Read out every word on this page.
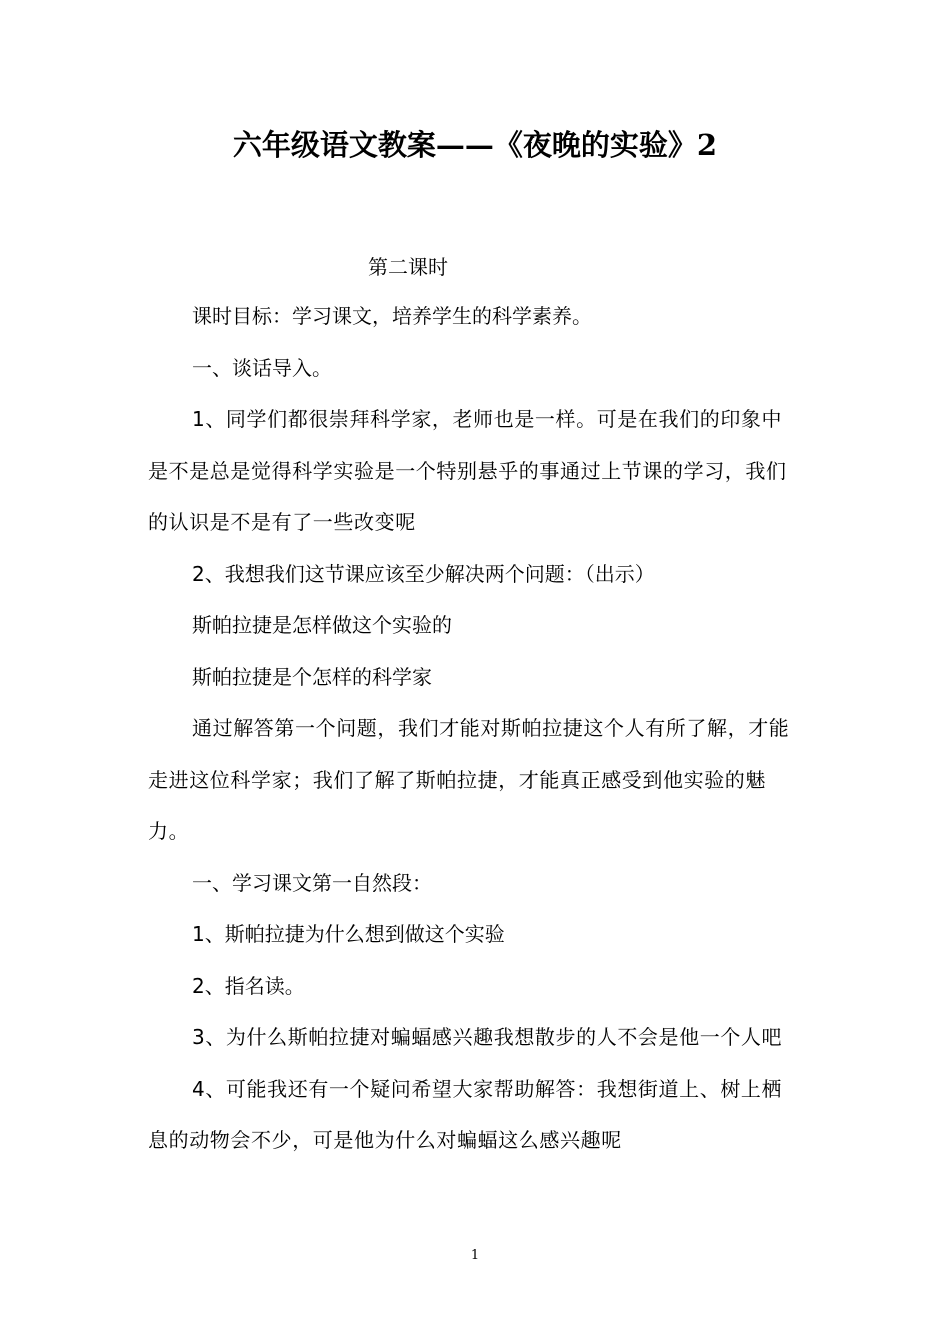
六年级语文教案——《夜晚的实验》2
第二课时

课时目标：学习课文，培养学生的科学素养。

一、谈话导入。

1、同学们都很崇拜科学家，老师也是一样。可是在我们的印象中是不是总是觉得科学实验是一个特别悬乎的事通过上节课的学习，我们的认识是不是有了一些改变呢

2、我想我们这节课应该至少解决两个问题：（出示）

斯帕拉捷是怎样做这个实验的

斯帕拉捷是个怎样的科学家

通过解答第一个问题，我们才能对斯帕拉捷这个人有所了解，才能走进这位科学家；我们了解了斯帕拉捷，才能真正感受到他实验的魅力。

一、学习课文第一自然段：

1、斯帕拉捷为什么想到做这个实验

2、指名读。

3、为什么斯帕拉捷对蝙蝠感兴趣我想散步的人不会是他一个人吧

4、可能我还有一个疑问希望大家帮助解答：我想街道上、树上栖息的动物会不少，可是他为什么对蝙蝠这么感兴趣呢

1
